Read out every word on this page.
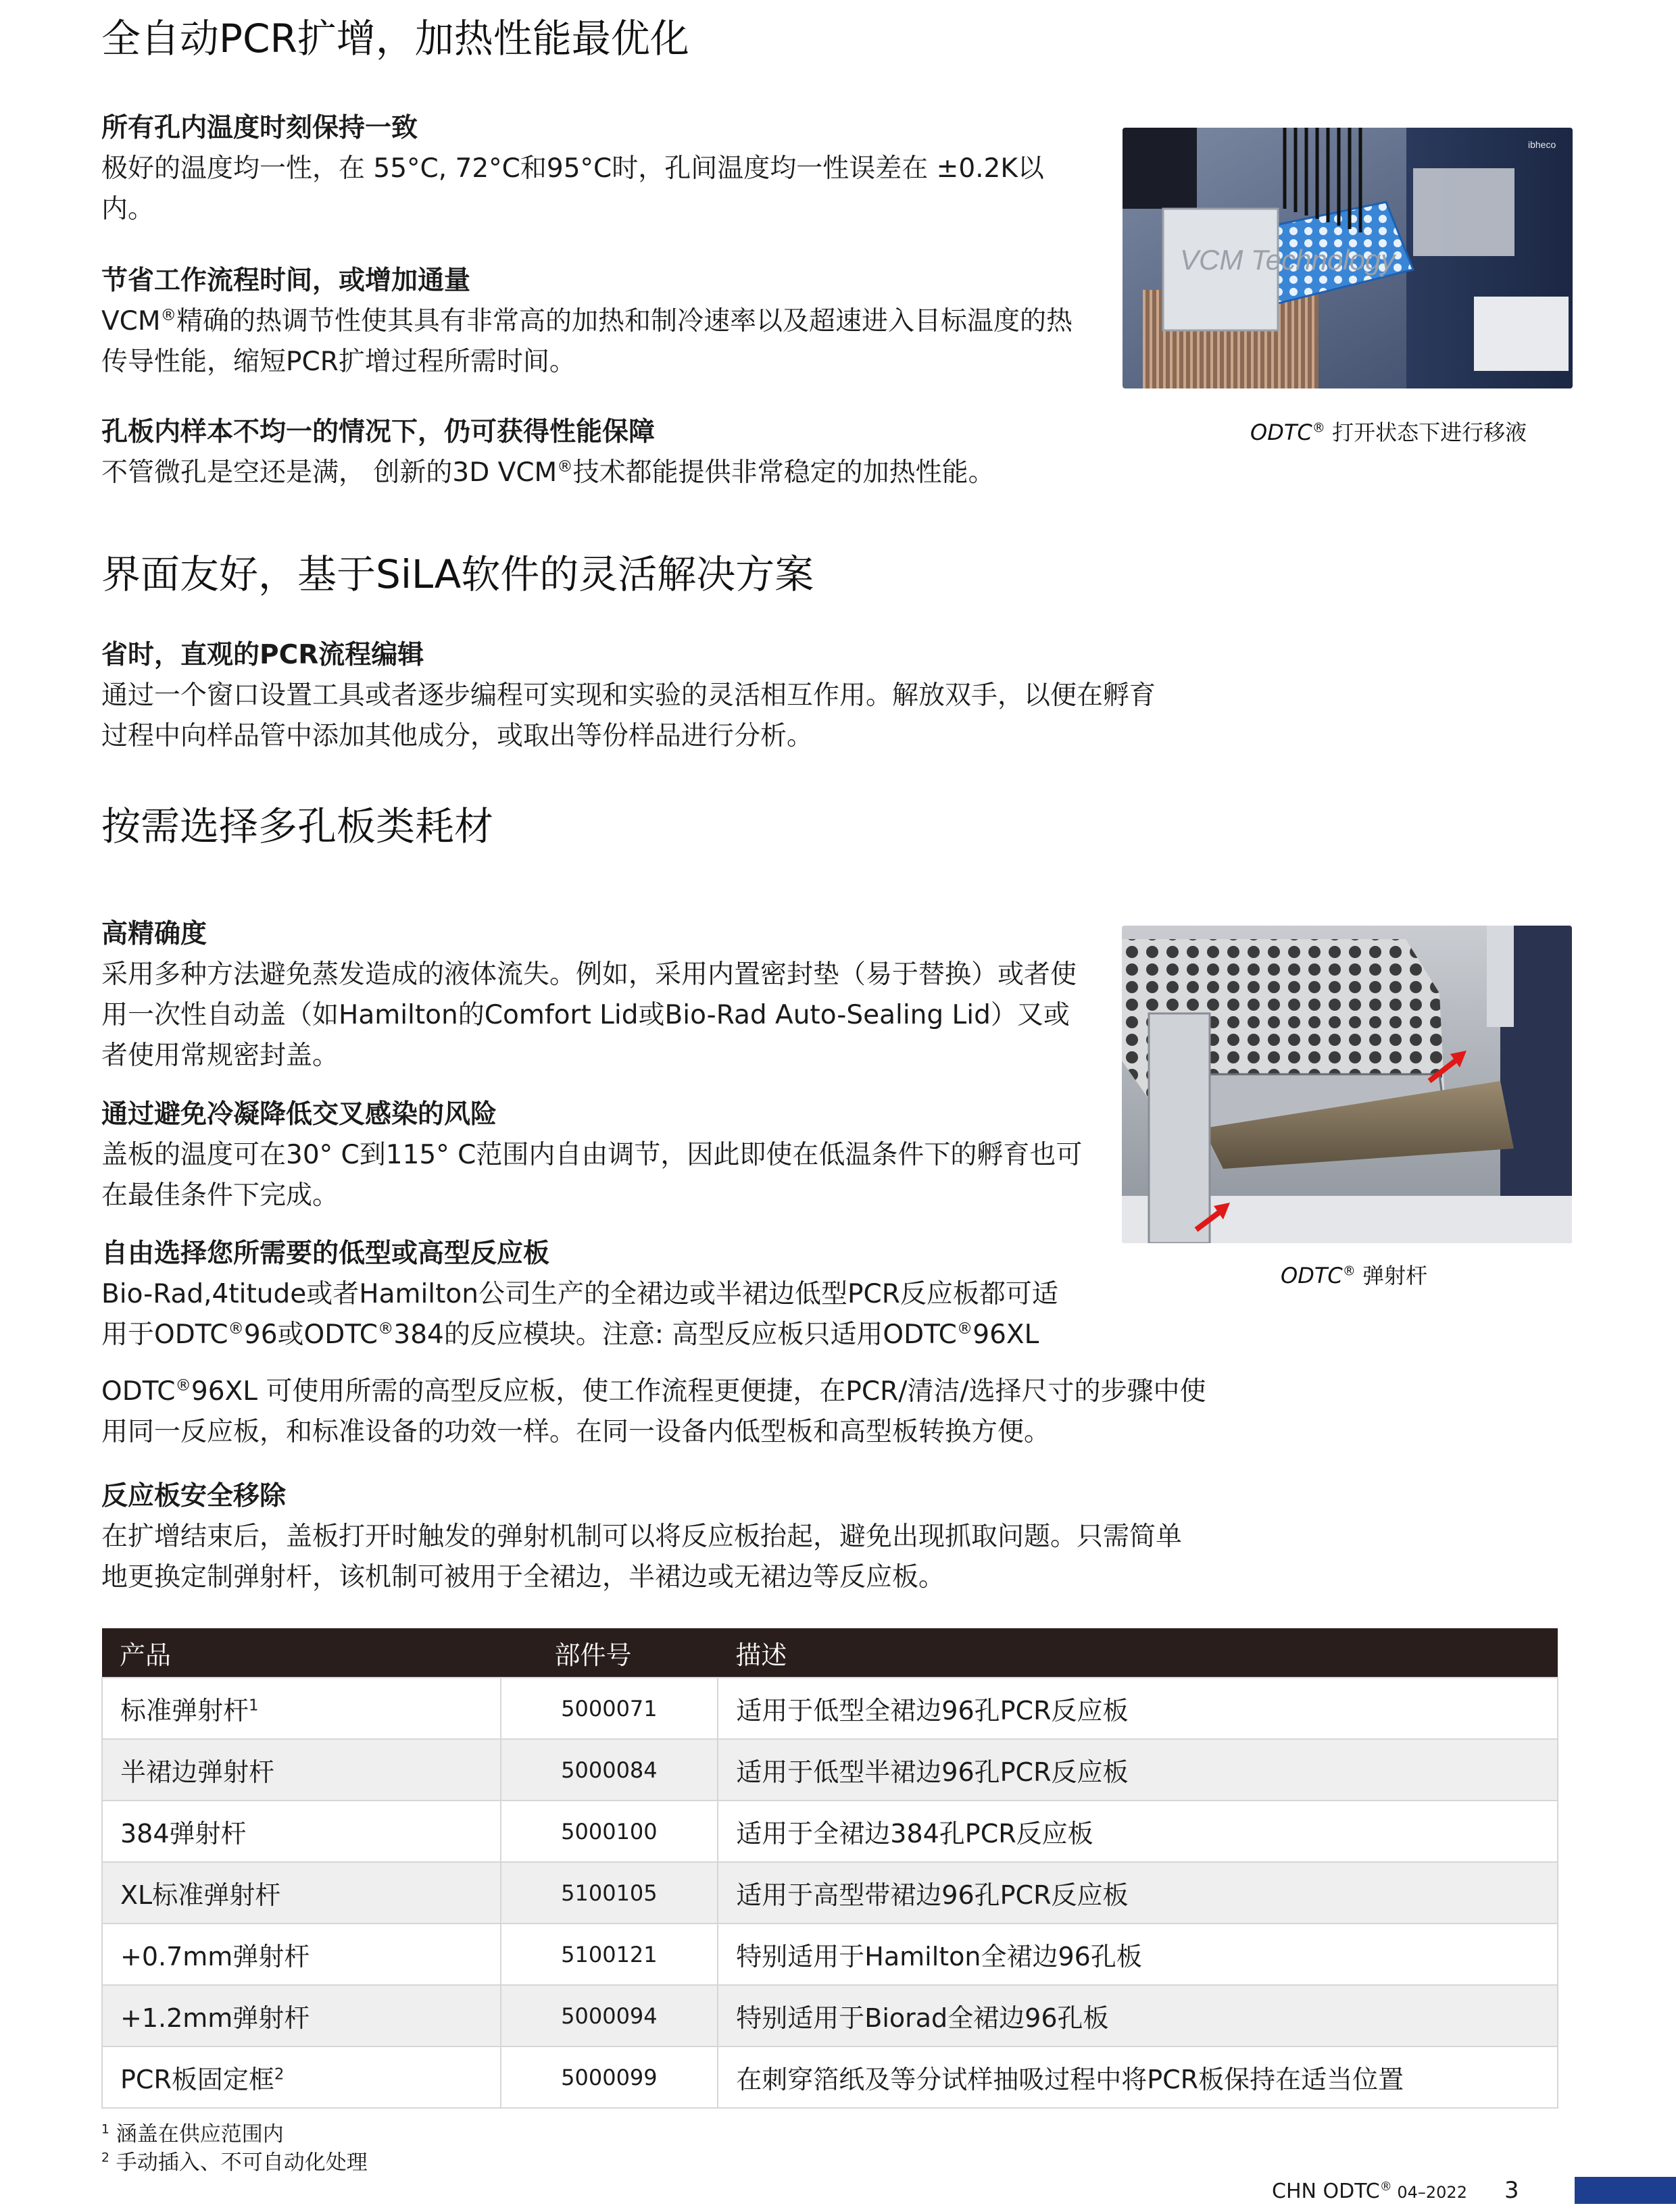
全自动PCR扩增，加热性能最优化
所有孔内温度时刻保持一致
极好的温度均一性，在 55°C, 72°C和95°C时，孔间温度均一性误差在 ±0.2K以内。
节省工作流程时间，或增加通量
VCM®精确的热调节性使其具有非常高的加热和制冷速率以及超速进入目标温度的热传导性能，缩短PCR扩增过程所需时间。
孔板内样本不均一的情况下，仍可获得性能保障
不管微孔是空还是满， 创新的3D VCM®技术都能提供非常稳定的加热性能。
ibheco
VCM Technology
ODTC® 打开状态下进行移液
界面友好，基于SiLA软件的灵活解决方案
省时，直观的PCR流程编辑
通过一个窗口设置工具或者逐步编程可实现和实验的灵活相互作用。解放双手，以便在孵育过程中向样品管中添加其他成分，或取出等份样品进行分析。
按需选择多孔板类耗材
高精确度
采用多种方法避免蒸发造成的液体流失。例如，采用内置密封垫（易于替换）或者使用一次性自动盖（如Hamilton的Comfort Lid或Bio-Rad Auto-Sealing Lid）又或者使用常规密封盖。
通过避免冷凝降低交叉感染的风险
盖板的温度可在30° C到115° C范围内自由调节，因此即使在低温条件下的孵育也可在最佳条件下完成。
自由选择您所需要的低型或高型反应板
Bio-Rad,4titude或者Hamilton公司生产的全裙边或半裙边低型PCR反应板都可适
用于ODTC®96或ODTC®384的反应模块。注意: 高型反应板只适用ODTC®96XL
ODTC®96XL 可使用所需的高型反应板，使工作流程更便捷，在PCR/清洁/选择尺寸的步骤中使用同一反应板，和标准设备的功效一样。在同一设备内低型板和高型板转换方便。
反应板安全移除
在扩增结束后，盖板打开时触发的弹射机制可以将反应板抬起，避免出现抓取问题。只需简单地更换定制弹射杆，该机制可被用于全裙边，半裙边或无裙边等反应板。
ODTC® 弹射杆
产品	部件号	描述
标准弹射杆$^1$	5000071	适用于低型全裙边96孔PCR反应板
半裙边弹射杆	5000084	适用于低型半裙边96孔PCR反应板
384弹射杆	5000100	适用于全裙边384孔PCR反应板
XL标准弹射杆	5100105	适用于高型带裙边96孔PCR反应板
+0.7mm弹射杆	5100121	特别适用于Hamilton全裙边96孔板
+1.2mm弹射杆	5000094	特别适用于Biorad全裙边96孔板
PCR板固定框$^2$	5000099	在刺穿箔纸及等分试样抽吸过程中将PCR板保持在适当位置
$^1$ 涵盖在供应范围内
$^2$ 手动插入、不可自动化处理
CHN ODTC® 04–2022 3
